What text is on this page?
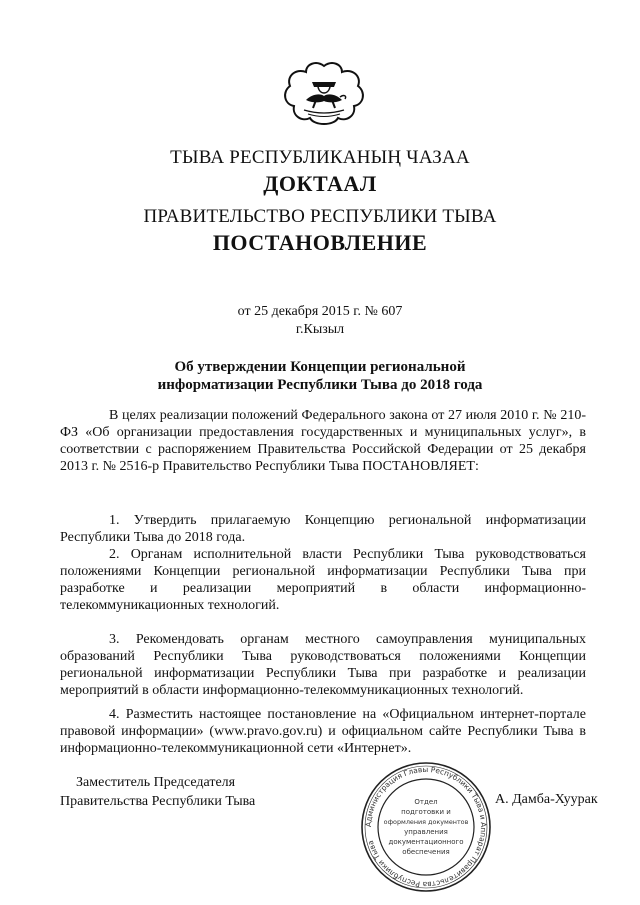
ТЫВА РЕСПУБЛИКАНЫҢ ЧАЗАА
ДОКТААЛ
ПРАВИТЕЛЬСТВО РЕСПУБЛИКИ ТЫВА
ПОСТАНОВЛЕНИЕ
от 25 декабря 2015 г. № 607
г.Кызыл
Об утверждении Концепции региональной
информатизации Республики Тыва до 2018 года

В целях реализации положений Федерального закона от 27 июля 2010 г. № 210-ФЗ «Об организации предоставления государственных и муниципальных услуг», в соответствии с распоряжением Правительства Российской Федерации от 25 декабря 2013 г. № 2516-р Правительство Республики Тыва ПОСТАНОВЛЯЕТ:

1. Утвердить прилагаемую Концепцию региональной информатизации Республики Тыва до 2018 года.

2. Органам исполнительной власти Республики Тыва руководствоваться положениями Концепции региональной информатизации Республики Тыва при разработке и реализации мероприятий в области информационно-телекоммуникационных технологий.

3. Рекомендовать органам местного самоуправления муниципальных образований Республики Тыва руководствоваться положениями Концепции региональной информатизации Республики Тыва при разработке и реализации мероприятий в области информационно-телекоммуникационных технологий.

4. Разместить настоящее постановление на «Официальном интернет-портале правовой информации» (www.pravo.gov.ru) и официальном сайте Республики Тыва в информационно-телекоммуникационной сети «Интернет».

Заместитель Председателя
Правительства Республики Тыва
Администрация Главы Республики Тыва и Аппарат Правительства Республики Тыва
Отдел
подготовки и
оформления документов
управления
документационного
обеспечения
А. Дамба-Хуурак
